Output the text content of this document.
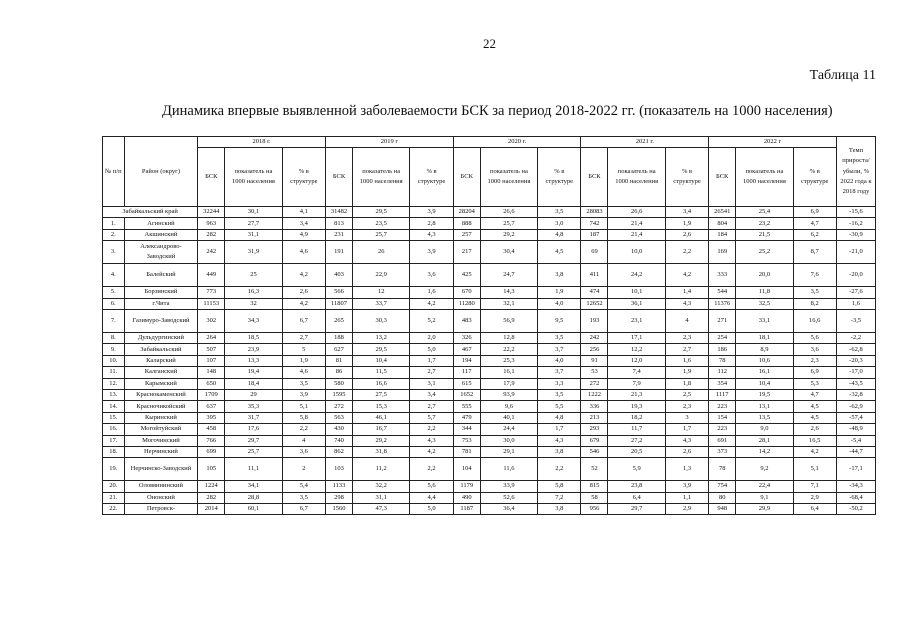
22
Таблица 11
Динамика впервые выявленной заболеваемости БСК за период 2018-2022 гг. (показатель на 1000 населения)
№ п/п	Район (округ)	2018 г.			2019 г			2020 г.			2021 г.			2022 г			Темп прироста/ убыли, % 2022 года к 2018 году
		БСК	показатель на 1000 населения	% в структуре	БСК	показатель на 1000 населения	% в структуре	БСК	показатель на 1000 населения	% в структуре	БСК	показатель на 1000 населения	% в структуре	БСК	показатель на 1000 населения	% в структуре	
Забайкальский край		32244	30,1	4,1	31482	29,5	3,9	28204	26,6	3,5	28083	26,6	3,4	26541	25,4	6,9	-15,6
1.	Агинский	963	27,7	3,4	813	23,5	2,8	888	25,7	3,0	742	21,4	1,9	804	23,2	4,7	-16,2
2.	Акшинский	282	31,1	4,9	231	25,7	4,3	257	29,2	4,8	187	21,4	2,6	184	21,5	6,2	-30,9
3.	Александрово-Заводский	242	31,9	4,6	191	26	3,9	217	30,4	4,5	69	10,0	2,2	169	25,2	8,7	-21,0
4.	Балейский	449	25	4,2	403	22,9	3,6	425	24,7	3,8	411	24,2	4,2	333	20,0	7,6	-20,0
5.	Борзинский	773	16,3	2,6	566	12	1,6	670	14,3	1,9	474	10,1	1,4	544	11,8	3,5	-27,6
6.	г.Чита	11153	32	4,2	11807	33,7	4,2	11280	32,1	4,0	12652	36,1	4,3	11376	32,5	8,2	1,6
7.	Газимуро-Заводский	302	34,3	6,7	265	30,3	5,2	483	56,9	9,5	193	23,1	4	271	33,1	16,6	-3,5
8.	Дульдургинский	264	18,5	2,7	188	13,2	2,0	326	12,8	3,5	242	17,1	2,3	254	18,1	5,6	-2,2
9.	Забайкальский	507	23,9	5	627	29,5	5,0	467	22,2	3,7	256	12,2	2,7	186	8,9	3,6	-62,8
10.	Каларский	107	13,3	1,9	81	10,4	1,7	194	25,3	4,0	91	12,0	1,6	78	10,6	2,3	-20,3
11.	Калганский	148	19,4	4,6	86	11,5	2,7	117	16,1	3,7	53	7,4	1,9	112	16,1	6,9	-17,0
12.	Карымский	650	18,4	3,5	580	16,6	3,1	615	17,9	3,3	272	7,9	1,8	354	10,4	5,3	-43,5
13.	Краснокаменский	1709	29	3,9	1595	27,5	3,4	1652	93,9	3,5	1222	21,3	2,5	1117	19,5	4,7	-32,8
14.	Красночикойский	637	35,3	5,1	272	15,3	2,7	555	9,6	5,5	336	19,3	2,3	223	13,1	4,5	-62,9
15.	Кыринский	395	31,7	5,8	563	46,1	5,7	479	40,1	4,8	213	18,2	3	154	13,5	4,5	-57,4
16.	Могойтуйский	458	17,6	2,2	430	16,7	2,2	344	24,4	1,7	293	11,7	1,7	223	9,0	2,6	-48,9
17.	Могочинский	766	29,7	4	740	29,2	4,3	753	30,0	4,3	679	27,2	4,3	691	28,1	16,5	-5,4
18.	Нерчинский	699	25,7	3,6	862	31,8	4,2	781	29,1	3,8	546	20,5	2,6	373	14,2	4,2	-44,7
19.	Нерчинско-Заводский	105	11,1	2	103	11,2	2,2	104	11,6	2,2	52	5,9	1,3	78	9,2	5,1	-17,1
20.	Оловяннинский	1224	34,1	5,4	1133	32,2	5,6	1179	33,9	5,8	815	23,8	3,9	754	22,4	7,1	-34,3
21.	Ононский	282	28,8	3,5	298	31,1	4,4	490	52,6	7,2	58	6,4	1,1	80	9,1	2,9	-68,4
22.	Петровск-	2014	60,1	6,7	1560	47,3	5,0	1187	36,4	3,8	956	29,7	2,9	948	29,9	6,4	-50,2
